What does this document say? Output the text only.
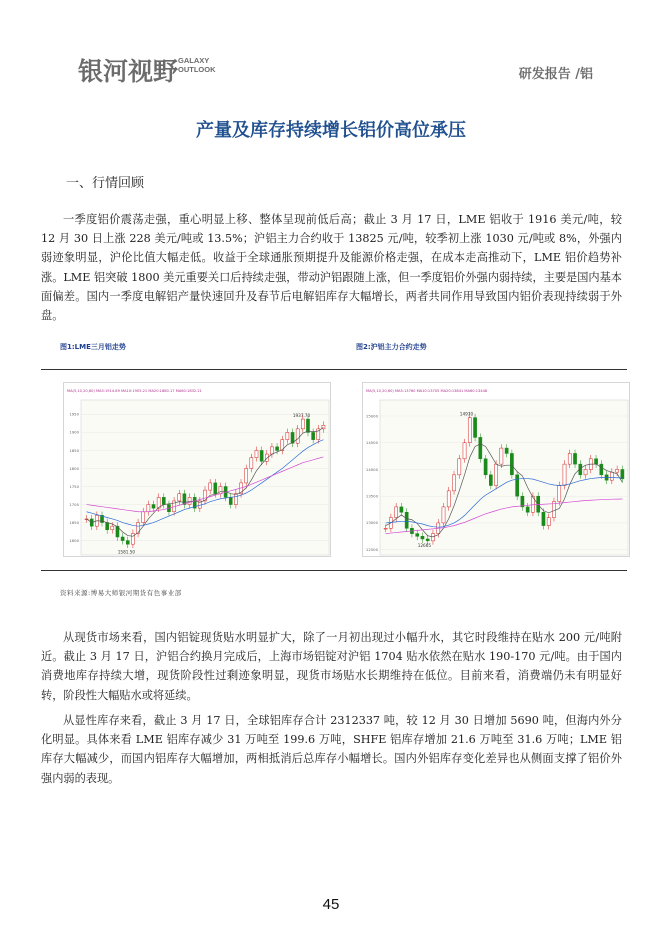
银河视野 GALAXY
OUTLOOK	研发报告 /铝
产量及库存持续增长铝价高位承压
一、行情回顾

一季度铝价震荡走强，重心明显上移、整体呈现前低后高；截止 3 月 17 日，LME 铝收于 1916 美元/吨，较 12 月 30 日上涨 228 美元/吨或 13.5%；沪铝主力合约收于 13825 元/吨，较季初上涨 1030 元/吨或 8%，外强内弱迹象明显，沪伦比值大幅走低。收益于全球通胀预期提升及能源价格走强，在成本走高推动下，LME 铝价趋势补涨。LME 铝突破 1800 美元重要关口后持续走强，带动沪铝跟随上涨，但一季度铝价外强内弱持续，主要是国内基本面偏差。国内一季度电解铝产量快速回升及春节后电解铝库存大幅增长，两者共同作用导致国内铝价表现持续弱于外盘。

图1:LME三月铝走势	图2:沪铝主力合约走势
MA(5,10,20,60) MA5:1914.89 MA10:1905.21 MA20:1880.17 MA60:1832.21
1600
1650
1700
1750
1800
1850
1900
1950	1937.70
1581.50
MA(5,10,20,60) MA5:13760 MA10:13705 MA20:13841 MA60:13448
12500
13000
13500
14000
14500
15000	14970
12665
资料来源:博易大师银河期货有色事业部

从现货市场来看，国内铝锭现货贴水明显扩大，除了一月初出现过小幅升水，其它时段维持在贴水 200 元/吨附近。截止 3 月 17 日，沪铝合约换月完成后，上海市场铝锭对沪铝 1704 贴水依然在贴水 190-170 元/吨。由于国内消费地库存持续大增，现货阶段性过剩迹象明显，现货市场贴水长期维持在低位。目前来看，消费端仍未有明显好转，阶段性大幅贴水或将延续。

从显性库存来看，截止 3 月 17 日，全球铝库存合计 2312337 吨，较 12 月 30 日增加 5690 吨，但海内外分化明显。具体来看 LME 铝库存减少 31 万吨至 199.6 万吨，SHFE 铝库存增加 21.6 万吨至 31.6 万吨；LME 铝库存大幅减少，而国内铝库存大幅增加，两相抵消后总库存小幅增长。国内外铝库存变化差异也从侧面支撑了铝价外强内弱的表现。

45
